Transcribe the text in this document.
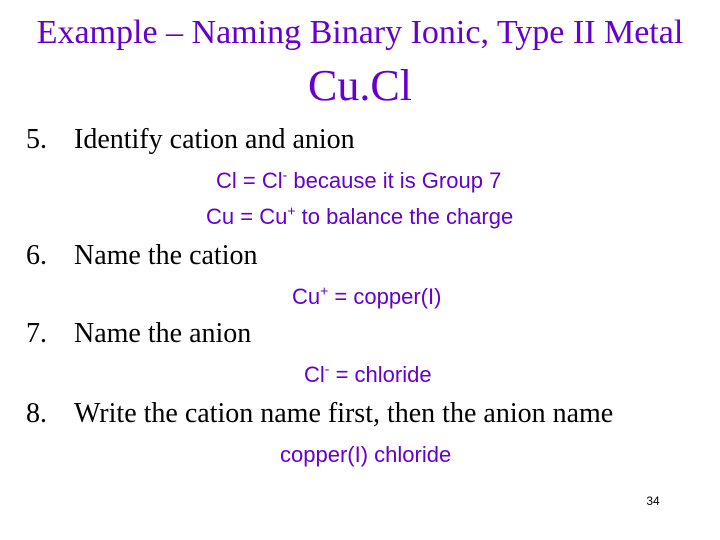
Example – Naming Binary Ionic, Type II Metal
Cu.Cl

5. Identify cation and anion

Cl = Cl- because it is Group 7

Cu = Cu+ to balance the charge

6. Name the cation

Cu+ = copper(I)

7. Name the anion

Cl- = chloride

8. Write the cation name first, then the anion name

copper(I) chloride

34
